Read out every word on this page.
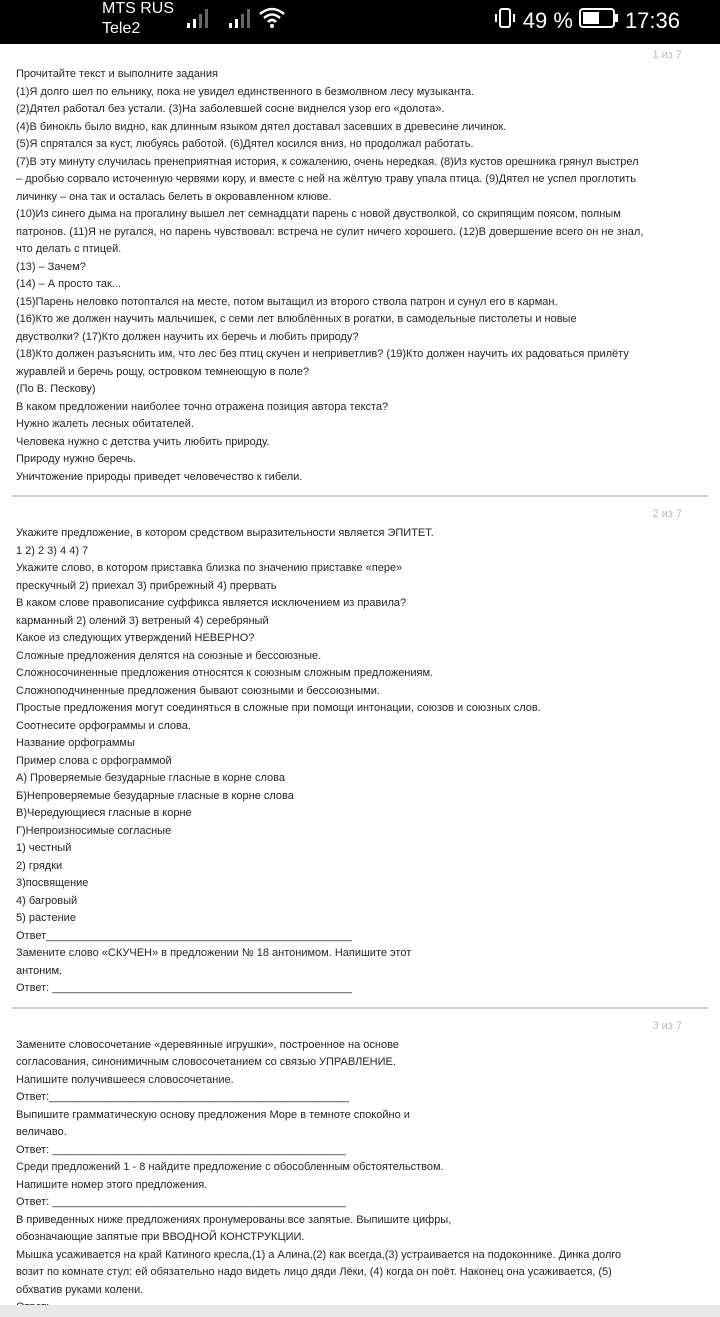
MTS RUS
Tele2	49 % 17:36
1 из 7

Прочитайте текст и выполните задания

(1)Я долго шел по ельнику, пока не увидел единственного в безмолвном лесу музыканта.

(2)Дятел работал без устали. (3)На заболевшей сосне виднелся узор его «долота».

(4)В бинокль было видно, как длинным языком дятел доставал засевших в древесине личинок.

(5)Я спрятался за куст, любуясь работой. (6)Дятел косился вниз, но продолжал работать.

(7)В эту минуту случилась пренеприятная история, к сожалению, очень нередкая. (8)Из кустов орешника грянул выстрел
– дробью сорвало источенную червями кору, и вместе с ней на жёлтую траву упала птица. (9)Дятел не успел проглотить
личинку – она так и осталась белеть в окровавленном клюве.

(10)Из синего дыма на прогалину вышел лет семнадцати парень с новой двустволкой, со скрипящим поясом, полным
патронов. (11)Я не ругался, но парень чувствовал: встреча не сулит ничего хорошего. (12)В довершение всего он не знал,
что делать с птицей.

(13) – Зачем?

(14) – А просто так...

(15)Парень неловко потоптался на месте, потом вытащил из второго ствола патрон и сунул его в карман.

(16)Кто же должен научить мальчишек, с семи лет влюблённых в рогатки, в самодельные пистолеты и новые
двустволки? (17)Кто должен научить их беречь и любить природу?

(18)Кто должен разъяснить им, что лес без птиц скучен и неприветлив? (19)Кто должен научить их радоваться прилёту
журавлей и беречь рощу, островком темнеющую в поле?

(По В. Пескову)

В каком предложении наиболее точно отражена позиция автора текста?

Нужно жалеть лесных обитателей.

Человека нужно с детства учить любить природу.

Природу нужно беречь.

Уничтожение природы приведет человечество к гибели.

2 из 7

Укажите предложение, в котором средством выразительности является ЭПИТЕТ.

1 2) 2 3) 4 4) 7

Укажите слово, в котором приставка близка по значению приставке «пере»

прескучный 2) приехал 3) прибрежный 4) прервать

В каком слове правописание суффикса является исключением из правила?

карманный 2) олений 3) ветреный 4) серебряный

Какое из следующих утверждений НЕВЕРНО?

Сложные предложения делятся на союзные и бессоюзные.

Сложносочиненные предложения относятся к союзным сложным предложениям.

Сложноподчиненные предложения бывают союзными и бессоюзными.

Простые предложения могут соединяться в сложные при помощи интонации, союзов и союзных слов.

Соотнесите орфограммы и слова.

Название орфограммы

Пример слова с орфограммой

А) Проверяемые безударные гласные в корне слова

Б)Непроверяемые безударные гласные в корне слова

В)Чередующиеся гласные в корне

Г)Непроизносимые согласные

1) честный

2) грядки

3)посвящение

4) багровый

5) растение

Ответ__________________________________________________

Замените слово «СКУЧЕН» в предложении № 18 антонимом. Напишите этот

антоним.

Ответ: _________________________________________________

3 из 7

Замените словосочетание «деревянные игрушки», построенное на основе

согласования, синонимичным словосочетанием со связью УПРАВЛЕНИЕ.

Напишите получившееся словосочетание.

Ответ:_________________________________________________

Выпишите грамматическую основу предложения Море в темноте спокойно и

величаво.

Ответ: ________________________________________________

Среди предложений 1 - 8 найдите предложение с обособленным обстоятельством.

Напишите номер этого предложения.

Ответ: ________________________________________________

В приведенных ниже предложениях пронумерованы все запятые. Выпишите цифры,

обозначающие запятые при ВВОДНОЙ КОНСТРУКЦИИ.

Мышка усаживается на край Катиного кресла,(1) а Алина,(2) как всегда,(3) устраивается на подоконнике. Динка долго
возит по комнате стул: ей обязательно надо видеть лицо дяди Лёки, (4) когда он поёт. Наконец она усаживается, (5)
обхватив руками колени.
